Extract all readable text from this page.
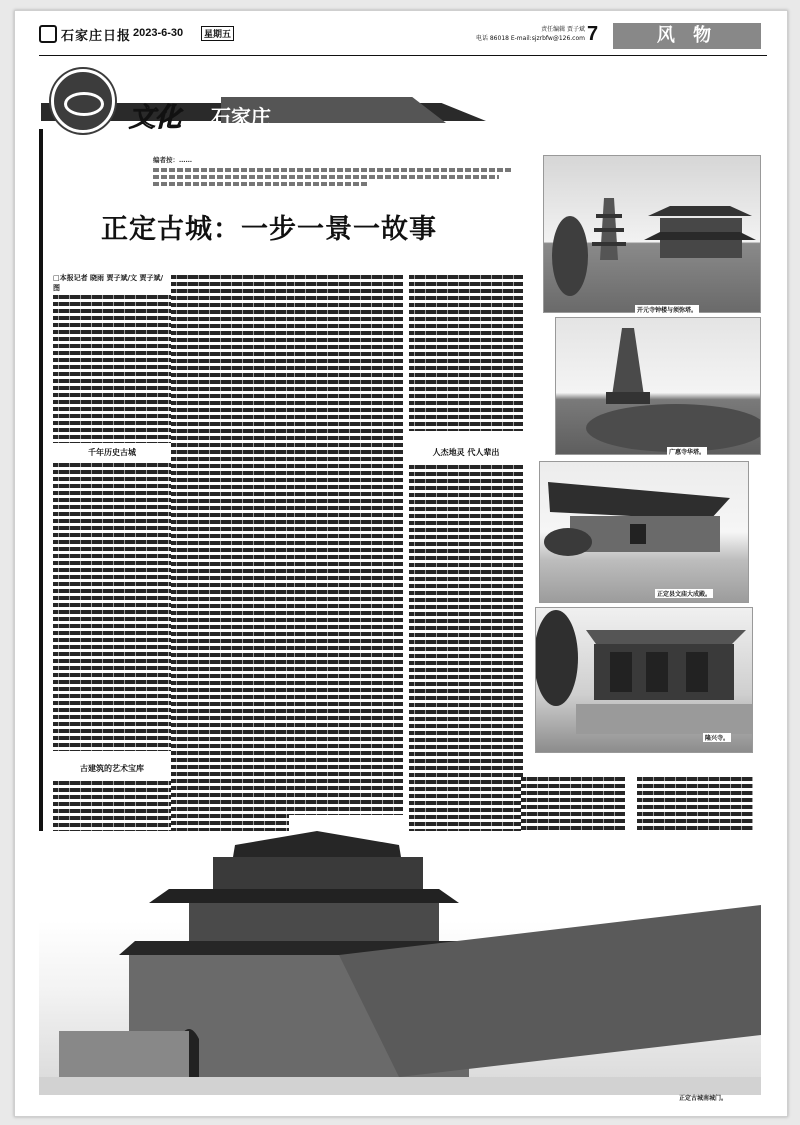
石家庄日报 2023-6-30	星期五
责任编辑 贾子斌
电话 86018 E-mail:sjzrbfw@126.com 7	风 物
文化 石家庄
编者按：……
正定古城：一步一景一故事
□本报记者 晓雨 贾子斌/文 贾子斌/图
千年历史古城
古建筑的艺术宝库
人杰地灵 代人辈出
开元寺钟楼与须弥塔。
广惠寺华塔。
正定县文庙大成殿。
隆兴寺。
正定古城南城门。
